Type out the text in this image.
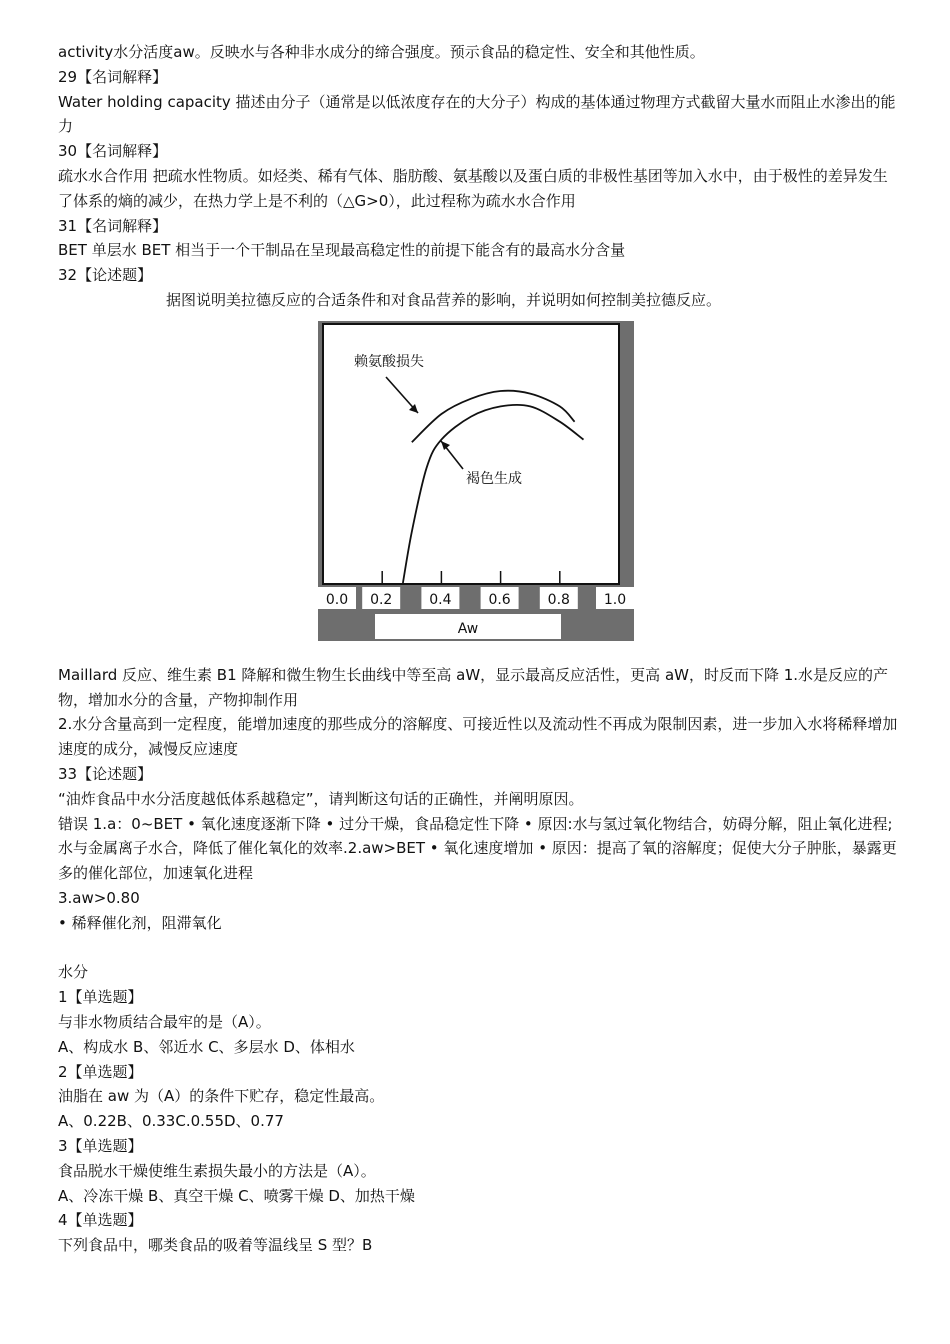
activity水分活度aw。反映水与各种非水成分的缔合强度。预示食品的稳定性、安全和其他性质。
29【名词解释】
Water holding capacity 描述由分子（通常是以低浓度存在的大分子）构成的基体通过物理方式截留大量水而阻止水渗出的能力
30【名词解释】
疏水水合作用 把疏水性物质。如烃类、稀有气体、脂肪酸、氨基酸以及蛋白质的非极性基团等加入水中，由于极性的差异发生了体系的熵的减少，在热力学上是不利的（△G>0），此过程称为疏水水合作用
31【名词解释】
BET 单层水 BET 相当于一个干制品在呈现最高稳定性的前提下能含有的最高水分含量
32【论述题】
据图说明美拉德反应的合适条件和对食品营养的影响，并说明如何控制美拉德反应。
0.0 0.2	0.4	0.6	0.8 1.0
Aw
赖氨酸损失
褐色生成
Maillard 反应、维生素 B1 降解和微生物生长曲线中等至高 aW，显示最高反应活性，更高 aW，时反而下降 1.水是反应的产物，增加水分的含量，产物抑制作用
2.水分含量高到一定程度，能增加速度的那些成分的溶解度、可接近性以及流动性不再成为限制因素，进一步加入水将稀释增加速度的成分，减慢反应速度
33【论述题】
“油炸食品中水分活度越低体系越稳定”，请判断这句话的正确性，并阐明原因。
错误 1.a：0~BET • 氧化速度逐渐下降 • 过分干燥，食品稳定性下降 • 原因:水与氢过氧化物结合，妨碍分解，阻止氧化进程;水与金属离子水合，降低了催化氧化的效率.2.aw>BET • 氧化速度增加 • 原因：提高了氧的溶解度；促使大分子肿胀，暴露更多的催化部位，加速氧化进程
3.aw>0.80
• 稀释催化剂，阻滞氧化
水分
1【单选题】
与非水物质结合最牢的是（A）。
A、构成水 B、邻近水 C、多层水 D、体相水
2【单选题】
油脂在 aw 为（A）的条件下贮存，稳定性最高。
A、0.22B、0.33C.0.55D、0.77
3【单选题】
食品脱水干燥使维生素损失最小的方法是（A）。
A、冷冻干燥 B、真空干燥 C、喷雾干燥 D、加热干燥
4【单选题】
下列食品中，哪类食品的吸着等温线呈 S 型？B
